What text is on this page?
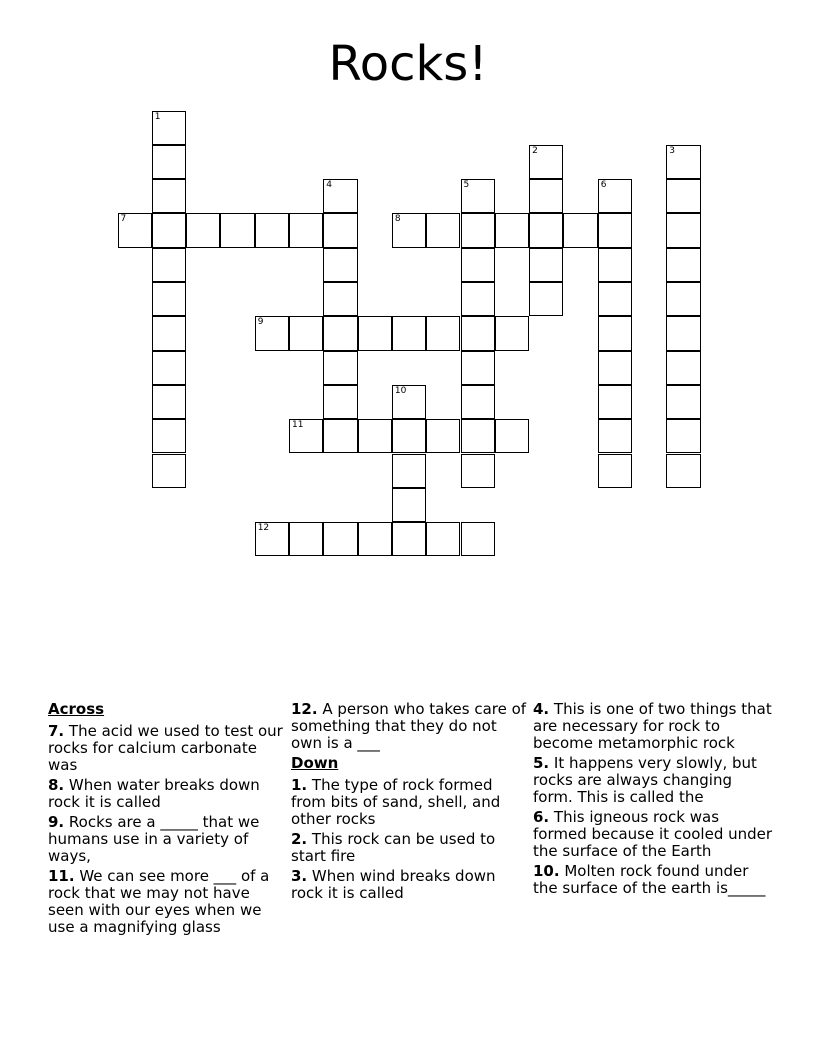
Rocks!
1
2	3
4	5	6
7	8
9
10
11
12
Across
7. The acid we used to test our rocks for calcium carbonate was
8. When water breaks down rock it is called
9. Rocks are a _____ that we humans use in a variety of ways,
11. We can see more ___ of a rock that we may not have seen with our eyes when we use a magnifying glass
12. A person who takes care of something that they do not own is a ___
Down
1. The type of rock formed from bits of sand, shell, and other rocks
2. This rock can be used to start fire
3. When wind breaks down rock it is called
4. This is one of two things that are necessary for rock to become metamorphic rock
5. It happens very slowly, but rocks are always changing form. This is called the
6. This igneous rock was formed because it cooled under the surface of the Earth
10. Molten rock found under the surface of the earth is_____
